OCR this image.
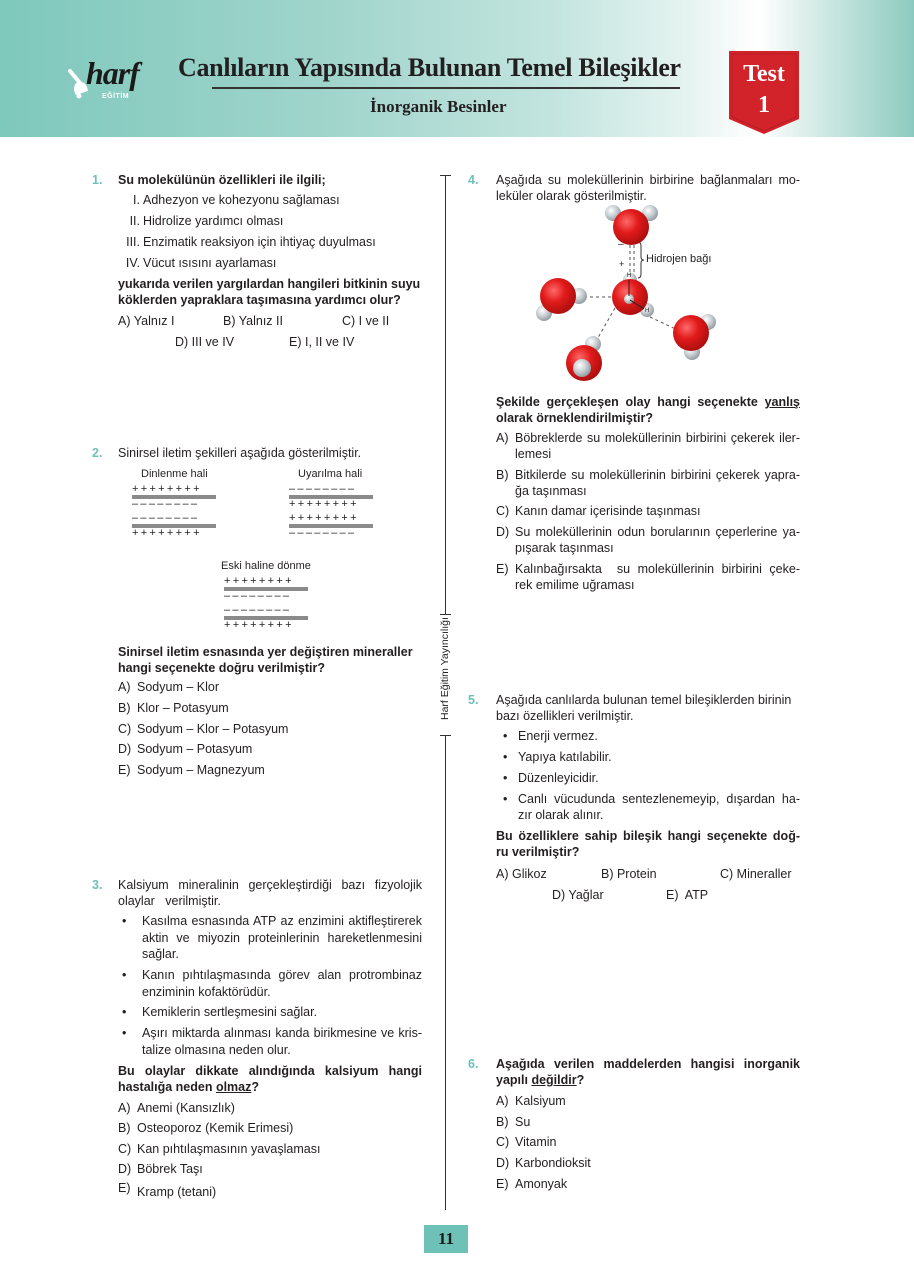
harf
EĞİTİM
Canlıların Yapısında Bulunan Temel Bileşikler
İnorganik Besinler
Test
1
Harf Eğitim Yayıncılığı
1. Su molekülünün özellikleri ile ilgili;
I. Adhezyon ve kohezyonu sağlaması
II. Hidrolize yardımcı olması
III. Enzimatik reaksiyon için ihtiyaç duyulması
IV. Vücut ısısını ayarlaması
yukarıda verilen yargılardan hangileri bitkinin suyu
köklerden yapraklara taşımasına yardımcı olur?
A) Yalnız I	B) Yalnız II	C) I ve II
D) III ve IV	E) I, II ve IV
2. Sinirsel iletim şekilleri aşağıda gösterilmiştir.
Dinlenme hali
++++++++
––––––––
––––––––
++++++++
Uyarılma hali
––––––––
++++++++
++++++++
––––––––
Eski haline dönme
++++++++
––––––––
––––––––
++++++++
Sinirsel iletim esnasında yer değiştiren mineraller
hangi seçenekte doğru verilmiştir?
A) Sodyum – Klor
B) Klor – Potasyum
C) Sodyum – Klor – Potasyum
D) Sodyum – Potasyum
E) Sodyum – Magnezyum
3. Kalsiyum mineralinin gerçekleştirdiği bazı fizyolojik
olaylar   verilmiştir.
• Kasılma esnasında ATP az enzimini aktifleştirerek
aktin ve miyozin proteinlerinin hareketlenmesini
sağlar.
• Kanın pıhtılaşmasında görev alan protrombinaz
enziminin kofaktörüdür.
• Kemiklerin sertleşmesini sağlar.
• Aşırı miktarda alınması kanda birikmesine ve kris-
talize olmasına neden olur.
Bu olaylar dikkate alındığında kalsiyum hangi
hastalığa neden olmaz?
A) Anemi (Kansızlık)
B) Osteoporoz (Kemik Erimesi)
C) Kan pıhtılaşmasının yavaşlaması
D) Böbrek Taşı
E) Kramp (tetani)
4. Aşağıda su moleküllerinin birbirine bağlanmaları mo-
leküler olarak gösterilmiştir.
–
+
H
H
Hidrojen bağı
Şekilde gerçekleşen olay hangi seçenekte yanlış
olarak örneklendirilmiştir?
A) Böbreklerde su moleküllerinin birbirini çekerek iler-
lemesi
B) Bitkilerde su moleküllerinin birbirini çekerek yapra-
ğa taşınması
C) Kanın damar içerisinde taşınması
D) Su moleküllerinin odun borularının çeperlerine ya-
pışarak taşınması
E) Kalınbağırsakta  su moleküllerinin birbirini çeke-
rek emilime uğraması
5. Aşağıda canlılarda bulunan temel bileşiklerden birinin
bazı özellikleri verilmiştir.
• Enerji vermez.
• Yapıya katılabilir.
• Düzenleyicidir.
• Canlı vücudunda sentezlenemeyip, dışardan ha-
zır olarak alınır.
Bu özelliklere sahip bileşik hangi seçenekte doğ-
ru verilmiştir?
A) Glikoz	B) Protein	C) Mineraller
D) Yağlar	E)  ATP
6. Aşağıda verilen maddelerden hangisi inorganik
yapılı değildir?
A) Kalsiyum
B) Su
C) Vitamin
D) Karbondioksit
E) Amonyak
11
